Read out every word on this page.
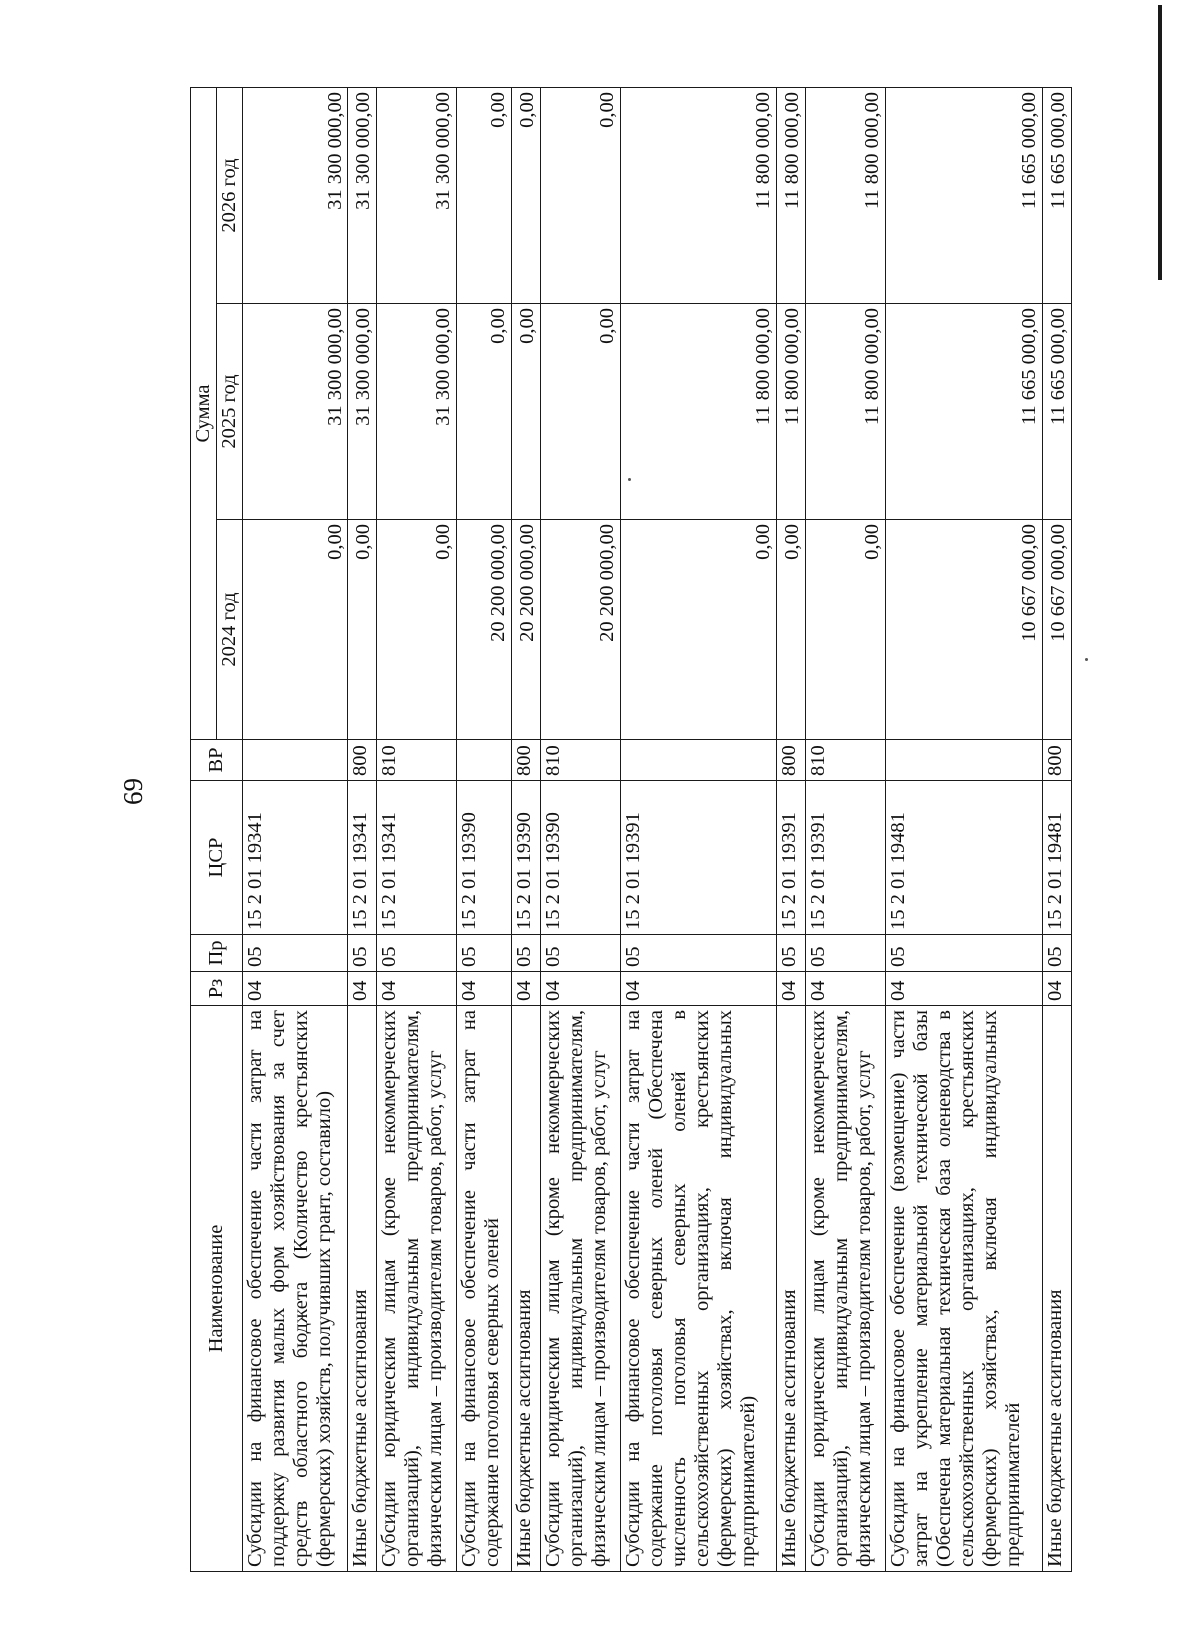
69
Наименование	Рз	Пр	ЦСР	ВР	Сумма		
					2024 год	2025 год	2026 год
Субсидии на финансовое обеспечение части затрат на поддержку развития малых форм хозяйствования за счет средств областного бюджета (Количество крестьянских (фермерских) хозяйств, получивших грант, составило)	04	05	15 2 01 19341		0,00	31 300 000,00	31 300 000,00
Иные бюджетные ассигнования	04	05	15 2 01 19341	800	0,00	31 300 000,00	31 300 000,00
Субсидии юридическим лицам (кроме некоммерческих организаций), индивидуальным предпринимателям, физическим лицам – производителям товаров, работ, услуг	04	05	15 2 01 19341	810	0,00	31 300 000,00	31 300 000,00
Субсидии на финансовое обеспечение части затрат на содержание поголовья северных оленей	04	05	15 2 01 19390		20 200 000,00	0,00	0,00
Иные бюджетные ассигнования	04	05	15 2 01 19390	800	20 200 000,00	0,00	0,00
Субсидии юридическим лицам (кроме некоммерческих организаций), индивидуальным предпринимателям, физическим лицам – производителям товаров, работ, услуг	04	05	15 2 01 19390	810	20 200 000,00	0,00	0,00
Субсидии на финансовое обеспечение части затрат на содержание поголовья северных оленей (Обеспечена численность поголовья северных оленей в сельскохозяйственных организациях, крестьянских (фермерских) хозяйствах, включая индивидуальных предпринимателей)	04	05	15 2 01 19391		0,00	11 800 000,00	11 800 000,00
Иные бюджетные ассигнования	04	05	15 2 01 19391	800	0,00	11 800 000,00	11 800 000,00
Субсидии юридическим лицам (кроме некоммерческих организаций), индивидуальным предпринимателям, физическим лицам – производителям товаров, работ, услуг	04	05	15 2 01 19391	810	0,00	11 800 000,00	11 800 000,00
Субсидии на финансовое обеспечение (возмещение) части затрат на укрепление материальной технической базы (Обеспечена материальная техническая база оленеводства в сельскохозяйственных организациях, крестьянских (фермерских) хозяйствах, включая индивидуальных предпринимателей	04	05	15 2 01 19481		10 667 000,00	11 665 000,00	11 665 000,00
Иные бюджетные ассигнования	04	05	15 2 01 19481	800	10 667 000,00	11 665 000,00	11 665 000,00
